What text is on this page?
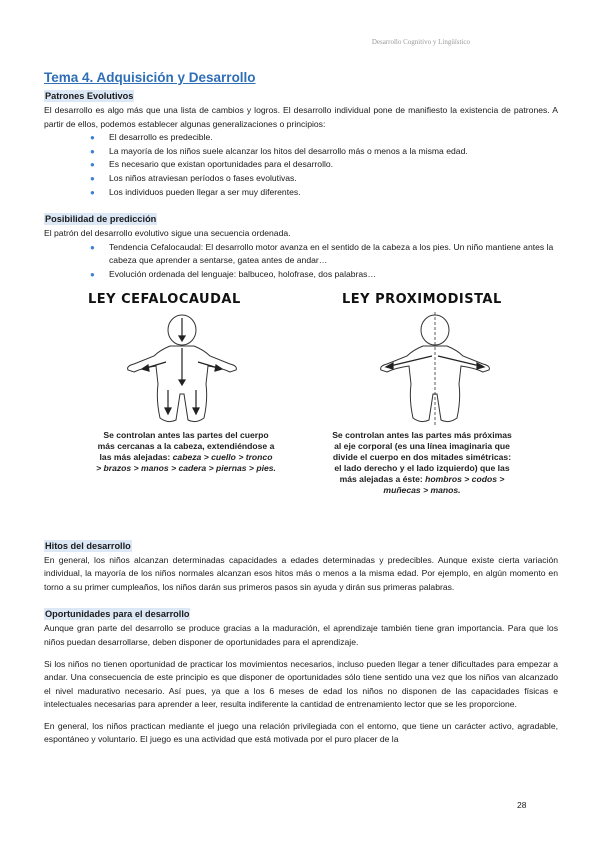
Desarrollo Cognitivo y Lingüístico
Tema 4. Adquisición y Desarrollo
Patrones Evolutivos

El desarrollo es algo más que una lista de cambios y logros. El desarrollo individual pone de manifiesto la existencia de patrones. A partir de ellos, podemos establecer algunas generalizaciones o principios:

● El desarrollo es predecible.
● La mayoría de los niños suele alcanzar los hitos del desarrollo más o menos a la misma edad.
● Es necesario que existan oportunidades para el desarrollo.
● Los niños atraviesan períodos o fases evolutivas.
● Los individuos pueden llegar a ser muy diferentes.
Posibilidad de predicción

El patrón del desarrollo evolutivo sigue una secuencia ordenada.

● Tendencia Cefalocaudal: El desarrollo motor avanza en el sentido de la cabeza a los pies. Un niño mantiene antes la cabeza que aprender a sentarse, gatea antes de andar…
● Evolución ordenada del lenguaje: balbuceo, holofrase, dos palabras…
LEY CEFALOCAUDAL	LEY PROXIMODISTAL
Se controlan antes las partes del cuerpo más cercanas a la cabeza, extendiéndose a las más alejadas: cabeza > cuello > tronco > brazos > manos > cadera > piernas > pies.
Se controlan antes las partes más próximas al eje corporal (es una línea imaginaria que divide el cuerpo en dos mitades simétricas: el lado derecho y el lado izquierdo) que las más alejadas a éste: hombros > codos > muñecas > manos.
Hitos del desarrollo

En general, los niños alcanzan determinadas capacidades a edades determinadas y predecibles. Aunque existe cierta variación individual, la mayoría de los niños normales alcanzan esos hitos más o menos a la misma edad. Por ejemplo, en algún momento en torno a su primer cumpleaños, los niños darán sus primeros pasos sin ayuda y dirán sus primeras palabras.

Oportunidades para el desarrollo

Aunque gran parte del desarrollo se produce gracias a la maduración, el aprendizaje también tiene gran importancia. Para que los niños puedan desarrollarse, deben disponer de oportunidades para el aprendizaje.

Si los niños no tienen oportunidad de practicar los movimientos necesarios, incluso pueden llegar a tener dificultades para empezar a andar. Una consecuencia de este principio es que disponer de oportunidades sólo tiene sentido una vez que los niños van alcanzado el nivel madurativo necesario. Así pues, ya que a los 6 meses de edad los niños no disponen de las capacidades físicas e intelectuales necesarias para aprender a leer, resulta indiferente la cantidad de entrenamiento lector que se les proporcione.

En general, los niños practican mediante el juego una relación privilegiada con el entorno, que tiene un carácter activo, agradable, espontáneo y voluntario. El juego es una actividad que está motivada por el puro placer de la

28
